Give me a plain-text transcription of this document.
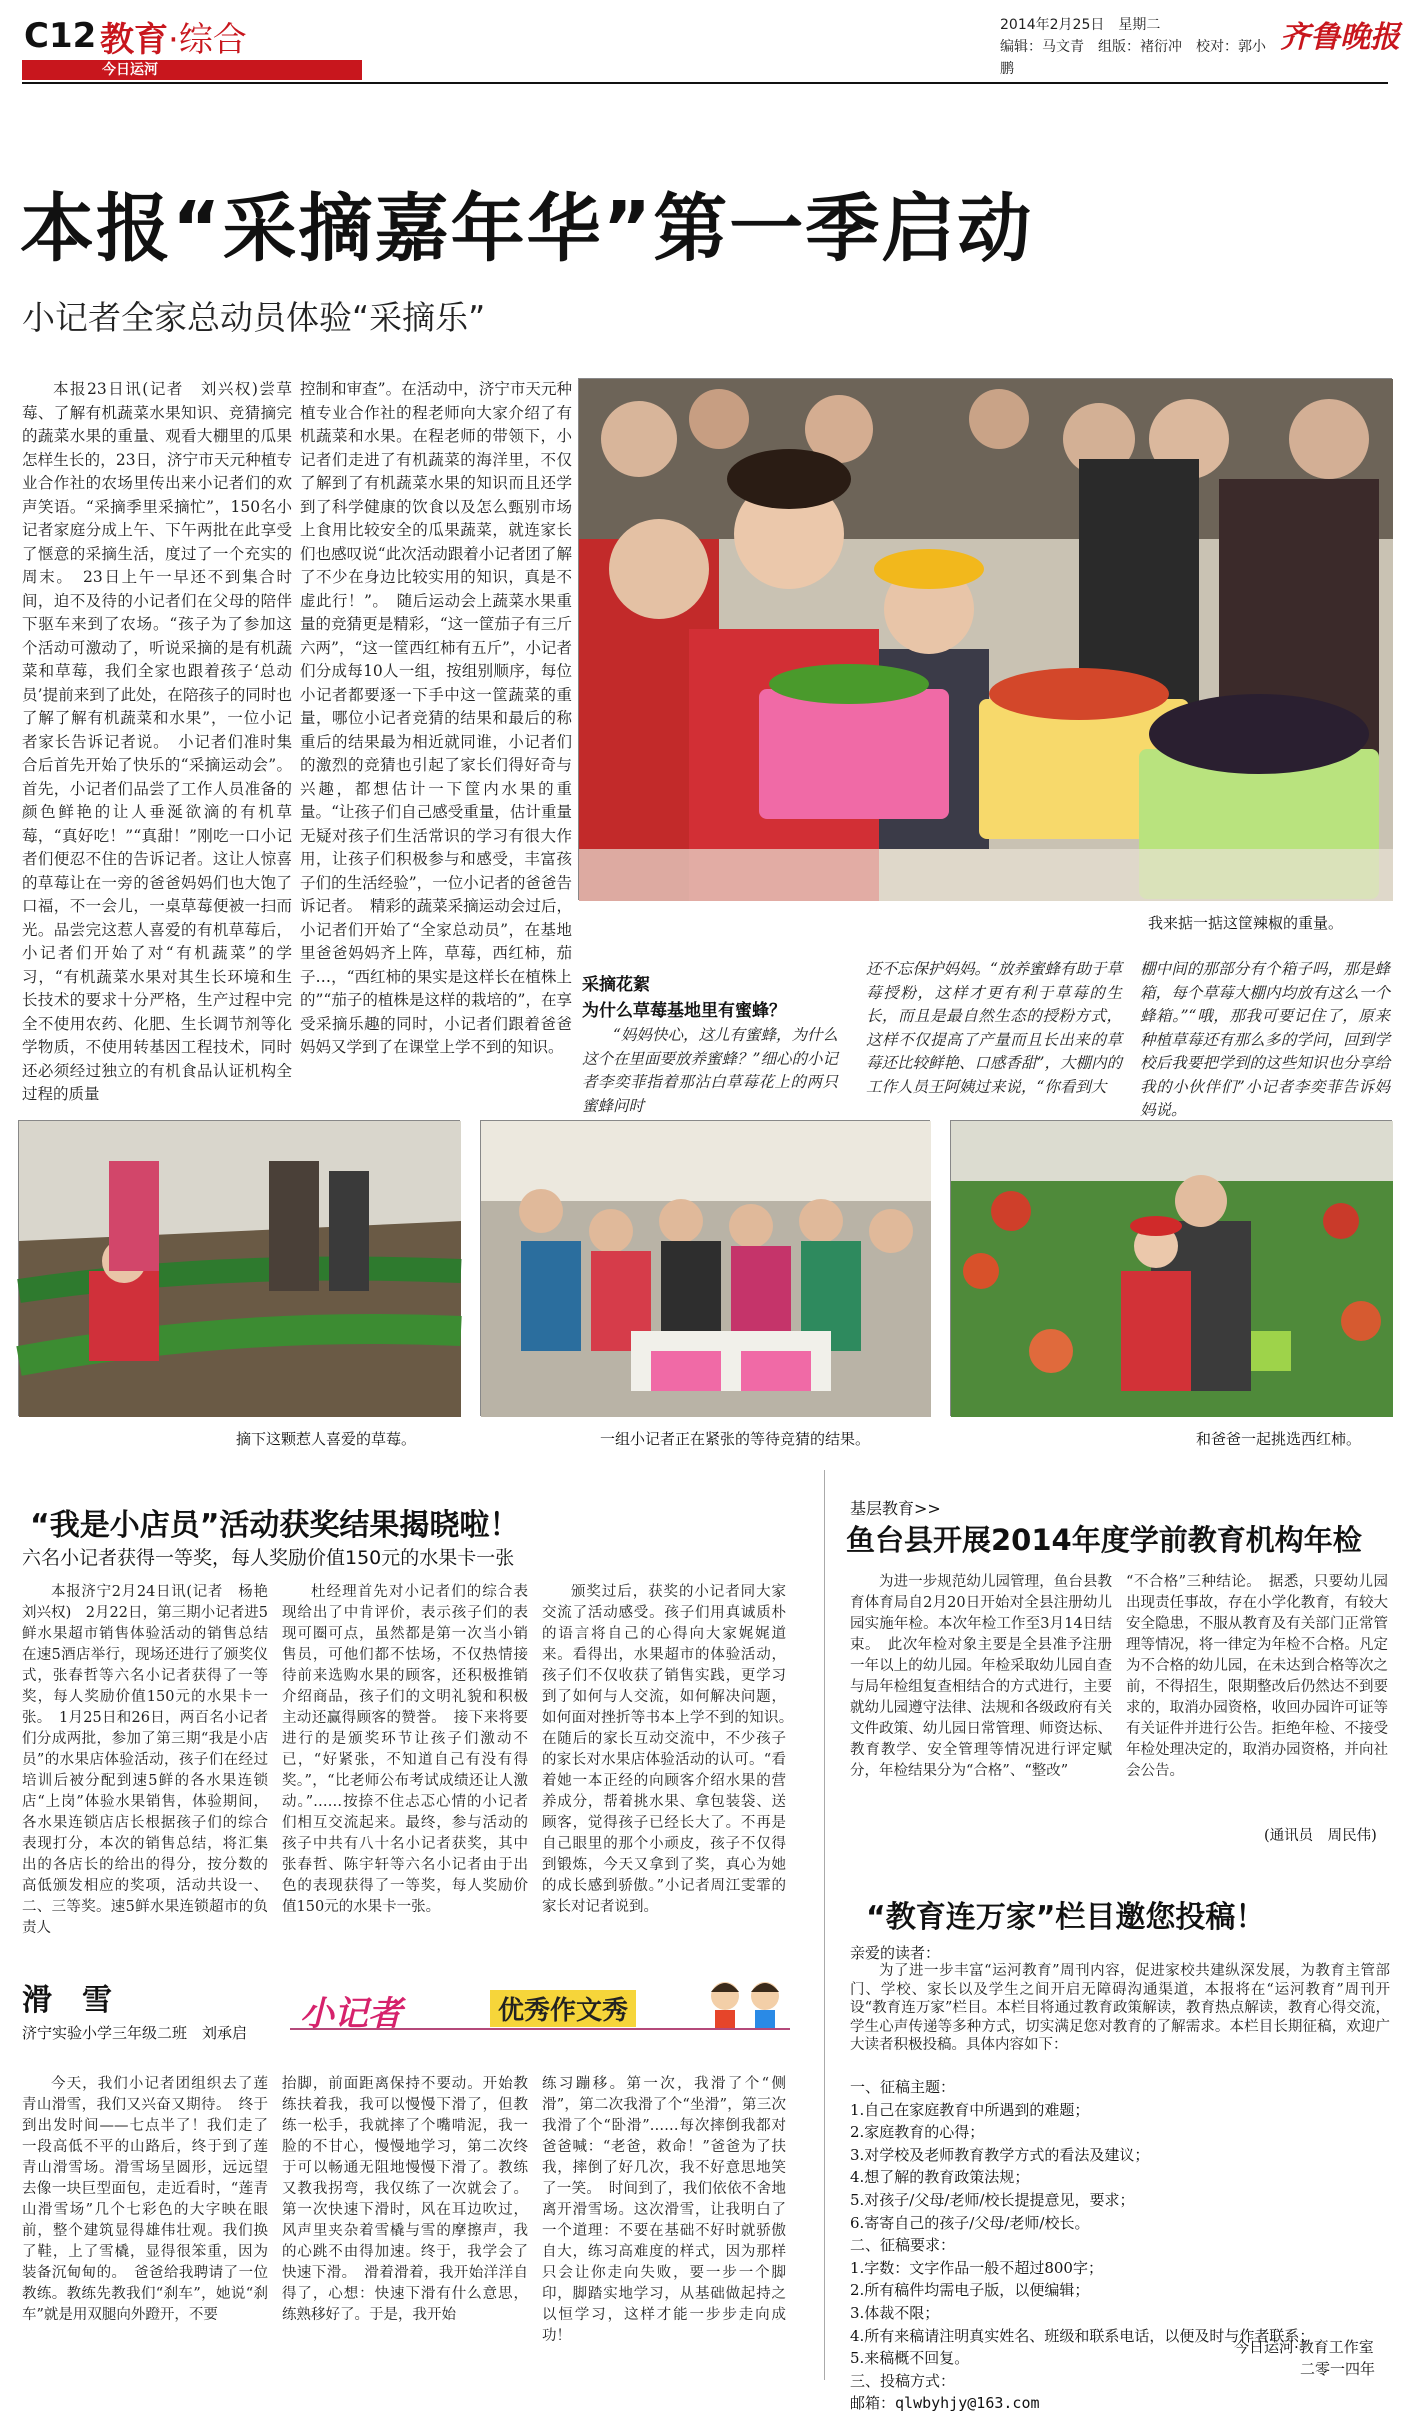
C12 教育·综合
今日运河
2014年2月25日　 星期二
编辑：马文青　 组版：褚衍冲　 校对：郭小鹏
齐鲁晚报
本报“采摘嘉年华”第一季启动
小记者全家总动员体验“采摘乐”

本报23日讯(记者　刘兴权)尝草莓、了解有机蔬菜水果知识、竞猜摘完的蔬菜水果的重量、观看大棚里的瓜果怎样生长的，23日，济宁市天元种植专业合作社的农场里传出来小记者们的欢声笑语。“采摘季里采摘忙”，150名小记者家庭分成上午、下午两批在此享受了惬意的采摘生活，度过了一个充实的周末。　23日上午一早还不到集合时间，迫不及待的小记者们在父母的陪伴下驱车来到了农场。“孩子为了参加这个活动可激动了，听说采摘的是有机蔬菜和草莓，我们全家也跟着孩子‘总动员’提前来到了此处，在陪孩子的同时也了解了解有机蔬菜和水果”，一位小记者家长告诉记者说。　小记者们准时集合后首先开始了快乐的“采摘运动会”。首先，小记者们品尝了工作人员准备的颜色鲜艳的让人垂涎欲滴的有机草莓，“真好吃！”“真甜！”刚吃一口小记者们便忍不住的告诉记者。这让人惊喜的草莓让在一旁的爸爸妈妈们也大饱了口福，不一会儿，一桌草莓便被一扫而光。品尝完这惹人喜爱的有机草莓后，小记者们开始了对“有机蔬菜”的学习，“有机蔬菜水果对其生长环境和生长技术的要求十分严格，生产过程中完全不使用农药、化肥、生长调节剂等化学物质，不使用转基因工程技术，同时还必须经过独立的有机食品认证机构全过程的质量

控制和审查”。在活动中，济宁市天元种植专业合作社的程老师向大家介绍了有机蔬菜和水果。在程老师的带领下，小记者们走进了有机蔬菜的海洋里，不仅了解到了有机蔬菜水果的知识而且还学到了科学健康的饮食以及怎么甄别市场上食用比较安全的瓜果蔬菜，就连家长们也感叹说“此次活动跟着小记者团了解了不少在身边比较实用的知识，真是不虚此行！”。　随后运动会上蔬菜水果重量的竞猜更是精彩，“这一筐茄子有三斤六两”，“这一筐西红柿有五斤”，小记者们分成每10人一组，按组别顺序，每位小记者都要逐一下手中这一筐蔬菜的重量，哪位小记者竞猜的结果和最后的称重后的结果最为相近就同谁，小记者们的激烈的竞猜也引起了家长们得好奇与兴趣，都想估计一下筐内水果的重量。“让孩子们自己感受重量，估计重量无疑对孩子们生活常识的学习有很大作用，让孩子们积极参与和感受，丰富孩子们的生活经验”，一位小记者的爸爸告诉记者。　精彩的蔬菜采摘运动会过后，小记者们开始了“全家总动员”，在基地里爸爸妈妈齐上阵，草莓，西红柿，茄子…，“西红柿的果实是这样长在植株上的”“茄子的植株是这样的栽培的”，在享受采摘乐趣的同时，小记者们跟着爸爸妈妈又学到了在课堂上学不到的知识。

我来掂一掂这筐辣椒的重量。
采摘花絮
为什么草莓基地里有蜜蜂？

“妈妈快心，这儿有蜜蜂，为什么这个在里面要放养蜜蜂？”细心的小记者李奕菲指着那沾白草莓花上的两只蜜蜂问时

还不忘保护妈妈。“放养蜜蜂有助于草莓授粉，这样才更有利于草莓的生长，而且是最自然生态的授粉方式，这样不仅提高了产量而且长出来的草莓还比较鲜艳、口感香甜”，大棚内的工作人员王阿姨过来说，“你看到大

棚中间的那部分有个箱子吗，那是蜂箱，每个草莓大棚内均放有这么一个蜂箱。”“哦，那我可要记住了，原来种植草莓还有那么多的学问，回到学校后我要把学到的这些知识也分享给我的小伙伴们”小记者李奕菲告诉妈妈说。

摘下这颗惹人喜爱的草莓。	一组小记者正在紧张的等待竞猜的结果。	和爸爸一起挑选西红柿。
“我是小店员”活动获奖结果揭晓啦！
六名小记者获得一等奖，每人奖励价值150元的水果卡一张

本报济宁2月24日讯(记者　杨艳　刘兴权)　2月22日，第三期小记者进5鲜水果超市销售体验活动的销售总结在速5酒店举行，现场还进行了颁奖仪式，张春哲等六名小记者获得了一等奖，每人奖励价值150元的水果卡一张。　1月25日和26日，两百名小记者们分成两批，参加了第三期“我是小店员”的水果店体验活动，孩子们在经过培训后被分配到速5鲜的各水果连锁店“上岗”体验水果销售，体验期间，各水果连锁店店长根据孩子们的综合表现打分，本次的销售总结，将汇集出的各店长的给出的得分，按分数的高低颁发相应的奖项，活动共设一、二、三等奖。速5鲜水果连锁超市的负责人

杜经理首先对小记者们的综合表现给出了中肯评价，表示孩子们的表现可圈可点，虽然都是第一次当小销售员，可他们都不怯场，不仅热情接待前来选购水果的顾客，还积极推销介绍商品，孩子们的文明礼貌和积极主动还赢得顾客的赞誉。　接下来将要进行的是颁奖环节让孩子们激动不已，“好紧张，不知道自己有没有得奖。”，“比老师公布考试成绩还让人激动。”……按捺不住忐忑心情的小记者们相互交流起来。最终，参与活动的孩子中共有八十名小记者获奖，其中张春哲、陈宇轩等六名小记者由于出色的表现获得了一等奖，每人奖励价值150元的水果卡一张。

颁奖过后，获奖的小记者同大家交流了活动感受。孩子们用真诚质朴的语言将自己的心得向大家娓娓道来。看得出，水果超市的体验活动，孩子们不仅收获了销售实践，更学习到了如何与人交流，如何解决问题，如何面对挫折等书本上学不到的知识。　在随后的家长互动交流中，不少孩子的家长对水果店体验活动的认可。“看着她一本正经的向顾客介绍水果的营养成分，帮着挑水果、拿包装袋、送顾客，觉得孩子已经长大了。不再是自己眼里的那个小顽皮，孩子不仅得到锻炼，今天又拿到了奖，真心为她的成长感到骄傲。”小记者周江雯霏的家长对记者说到。

滑　雪
济宁实验小学三年级二班　刘承启 小记者	优秀作文秀

今天，我们小记者团组织去了莲青山滑雪，我们又兴奋又期待。　终于到出发时间——七点半了！我们走了一段高低不平的山路后，终于到了莲青山滑雪场。滑雪场呈圆形，远远望去像一块巨型面包，走近看时，“莲青山滑雪场”几个七彩色的大字映在眼前，整个建筑显得雄伟壮观。我们换了鞋，上了雪橇，显得很笨重，因为装备沉甸甸的。　爸爸给我聘请了一位教练。教练先教我们“刹车”，她说“刹车”就是用双腿向外蹬开，不要

抬脚，前面距离保持不要动。开始教练扶着我，我可以慢慢下滑了，但教练一松手，我就摔了个嘴啃泥，我一脸的不甘心，慢慢地学习，第二次终于可以畅通无阻地慢慢下滑了。教练又教我拐弯，我仅练了一次就会了。第一次快速下滑时，风在耳边吹过，风声里夹杂着雪橇与雪的摩擦声，我的心跳不由得加速。终于，我学会了快速下滑。　滑着滑着，我开始洋洋自得了，心想：快速下滑有什么意思，练熟移好了。于是，我开始

练习蹦移。第一次，我滑了个“侧滑”，第二次我滑了个“坐滑”，第三次我滑了个“卧滑”……每次摔倒我都对爸爸喊：“老爸，救命！”爸爸为了扶我，摔倒了好几次，我不好意思地笑了一笑。　时间到了，我们依依不舍地离开滑雪场。这次滑雪，让我明白了一个道理：不要在基础不好时就骄傲自大，练习高难度的样式，因为那样只会让你走向失败，要一步一个脚印，脚踏实地学习，从基础做起持之以恒学习，这样才能一步步走向成功！

基层教育>>
鱼台县开展2014年度学前教育机构年检

为进一步规范幼儿园管理，鱼台县教育体育局自2月20日开始对全县注册幼儿园实施年检。本次年检工作至3月14日结束。　此次年检对象主要是全县准予注册一年以上的幼儿园。年检采取幼儿园自查与局年检组复查相结合的方式进行，主要就幼儿园遵守法律、法规和各级政府有关文件政策、幼儿园日常管理、师资达标、教育教学、安全管理等情况进行评定赋分，年检结果分为“合格”、“整改”

“不合格”三种结论。　据悉，只要幼儿园出现责任事故，存在小学化教育，有较大安全隐患，不服从教育及有关部门正常管理等情况，将一律定为年检不合格。凡定为不合格的幼儿园，在未达到合格等次之前，不得招生，限期整改后仍然达不到要求的，取消办园资格，收回办园许可证等有关证件并进行公告。拒绝年检、不接受年检处理决定的，取消办园资格，并向社会公告。

(通讯员　周民伟)
“教育连万家”栏目邀您投稿！
亲爱的读者：

为了进一步丰富“运河教育”周刊内容，促进家校共建纵深发展，为教育主管部门、学校、家长以及学生之间开启无障碍沟通渠道，本报将在“运河教育”周刊开设“教育连万家”栏目。本栏目将通过教育政策解读，教育热点解读，教育心得交流，学生心声传递等多种方式，切实满足您对教育的了解需求。本栏目长期征稿，欢迎广大读者积极投稿。具体内容如下：

一、征稿主题：
1.自己在家庭教育中所遇到的难题；
2.家庭教育的心得；
3.对学校及老师教育教学方式的看法及建议；
4.想了解的教育政策法规；
5.对孩子/父母/老师/校长提提意见，要求；
6.寄寄自己的孩子/父母/老师/校长。
二、征稿要求：
1.字数：文字作品一般不超过800字；
2.所有稿件均需电子版，以便编辑；
3.体裁不限；
4.所有来稿请注明真实姓名、班级和联系电话，以便及时与作者联系；
5.来稿概不回复。
三、投稿方式：
邮箱：qlwbyhjy@163.com
今日运河·教育工作室
二零一四年
